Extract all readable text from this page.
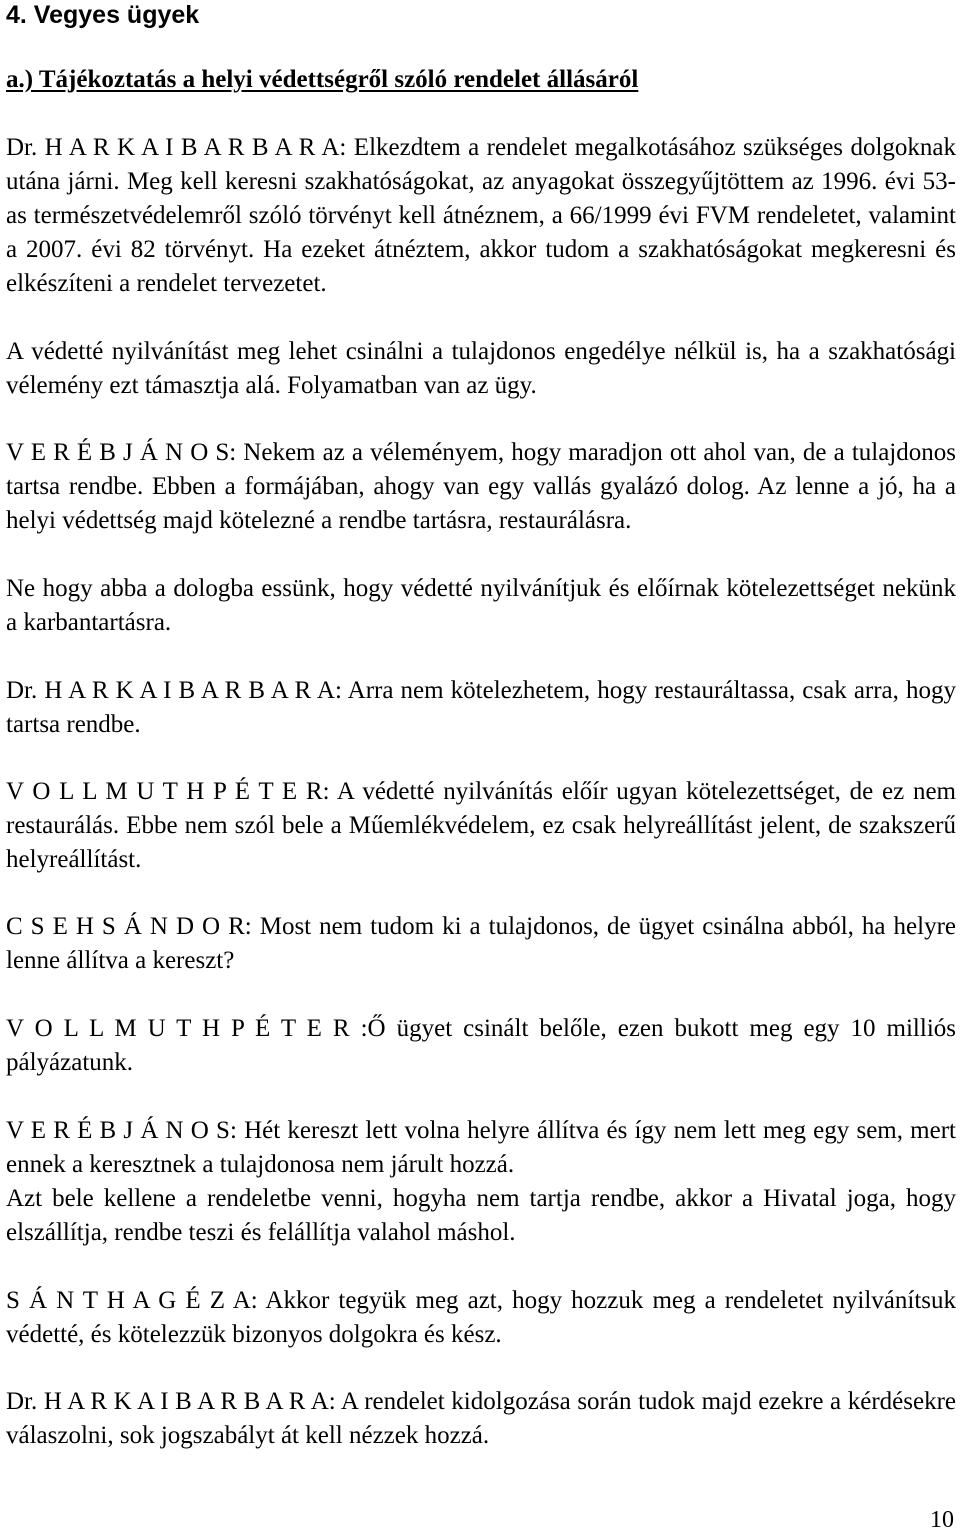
4. Vegyes ügyek
a.) Tájékoztatás a helyi védettségről szóló rendelet állásáról

Dr. H A R K A I B A R B A R A: Elkezdtem a rendelet megalkotásához szükséges dolgoknak utána járni. Meg kell keresni szakhatóságokat, az anyagokat összegyűjtöttem az 1996. évi 53-as természetvédelemről szóló törvényt kell átnéznem, a 66/1999 évi FVM rendeletet, valamint a 2007. évi 82 törvényt. Ha ezeket átnéztem, akkor tudom a szakhatóságokat megkeresni és elkészíteni a rendelet tervezetet.

A védetté nyilvánítást meg lehet csinálni a tulajdonos engedélye nélkül is, ha a szakhatósági vélemény ezt támasztja alá. Folyamatban van az ügy.

V E R É B J Á N O S: Nekem az a véleményem, hogy maradjon ott ahol van, de a tulajdonos tartsa rendbe. Ebben a formájában, ahogy van egy vallás gyalázó dolog. Az lenne a jó, ha a helyi védettség majd kötelezné a rendbe tartásra, restaurálásra.

Ne hogy abba a dologba essünk, hogy védetté nyilvánítjuk és előírnak kötelezettséget nekünk a karbantartásra.

Dr. H A R K A I B A R B A R A: Arra nem kötelezhetem, hogy restauráltassa, csak arra, hogy tartsa rendbe.

V O L L M U T H P É T E R: A védetté nyilvánítás előír ugyan kötelezettséget, de ez nem restaurálás. Ebbe nem szól bele a Műemlékvédelem, ez csak helyreállítást jelent, de szakszerű helyreállítást.

C S E H S Á N D O R: Most nem tudom ki a tulajdonos, de ügyet csinálna abból, ha helyre lenne állítva a kereszt?

V O L L M U T H P É T E R :Ő ügyet csinált belőle, ezen bukott meg egy 10 milliós pályázatunk.

V E R É B J Á N O S: Hét kereszt lett volna helyre állítva és így nem lett meg egy sem, mert ennek a keresztnek a tulajdonosa nem járult hozzá.

Azt bele kellene a rendeletbe venni, hogyha nem tartja rendbe, akkor a Hivatal joga, hogy elszállítja, rendbe teszi és felállítja valahol máshol.

S Á N T H A G É Z A: Akkor tegyük meg azt, hogy hozzuk meg a rendeletet nyilvánítsuk védetté, és kötelezzük bizonyos dolgokra és kész.

Dr. H A R K A I B A R B A R A: A rendelet kidolgozása során tudok majd ezekre a kérdésekre válaszolni, sok jogszabályt át kell nézzek hozzá.

10
